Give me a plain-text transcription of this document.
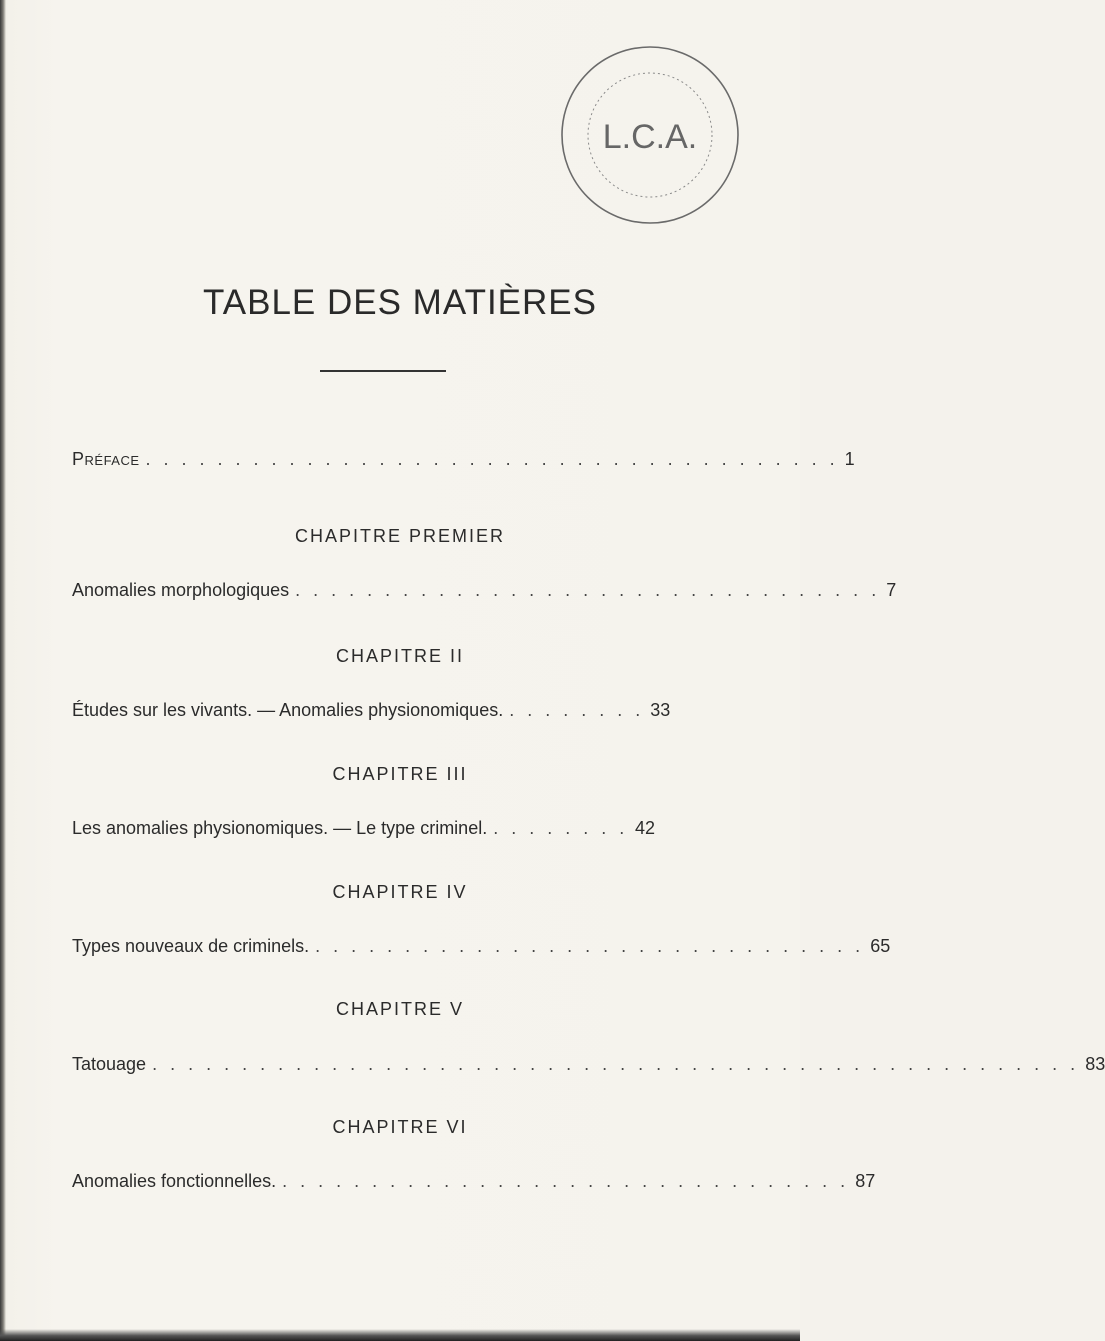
L.C.A.
TABLE DES MATIÈRES
Préface . . . . . . . . . . . . . . . . . . . . . . . . . . . . . . . . . . . . . . . 1
CHAPITRE PREMIER
Anomalies morphologiques . . . . . . . . . . . . . . . . . . . . . . . . . . . . . . . . . 7
CHAPITRE II
Études sur les vivants. — Anomalies physionomiques. . . . . . . . . 33
CHAPITRE III
Les anomalies physionomiques. — Le type criminel. . . . . . . . . 42
CHAPITRE IV
Types nouveaux de criminels. . . . . . . . . . . . . . . . . . . . . . . . . . . . . . . . 65
CHAPITRE V
Tatouage . . . . . . . . . . . . . . . . . . . . . . . . . . . . . . . . . . . . . . . . . . . . . . . . . . . . 83
CHAPITRE VI
Anomalies fonctionnelles. . . . . . . . . . . . . . . . . . . . . . . . . . . . . . . . . 87
